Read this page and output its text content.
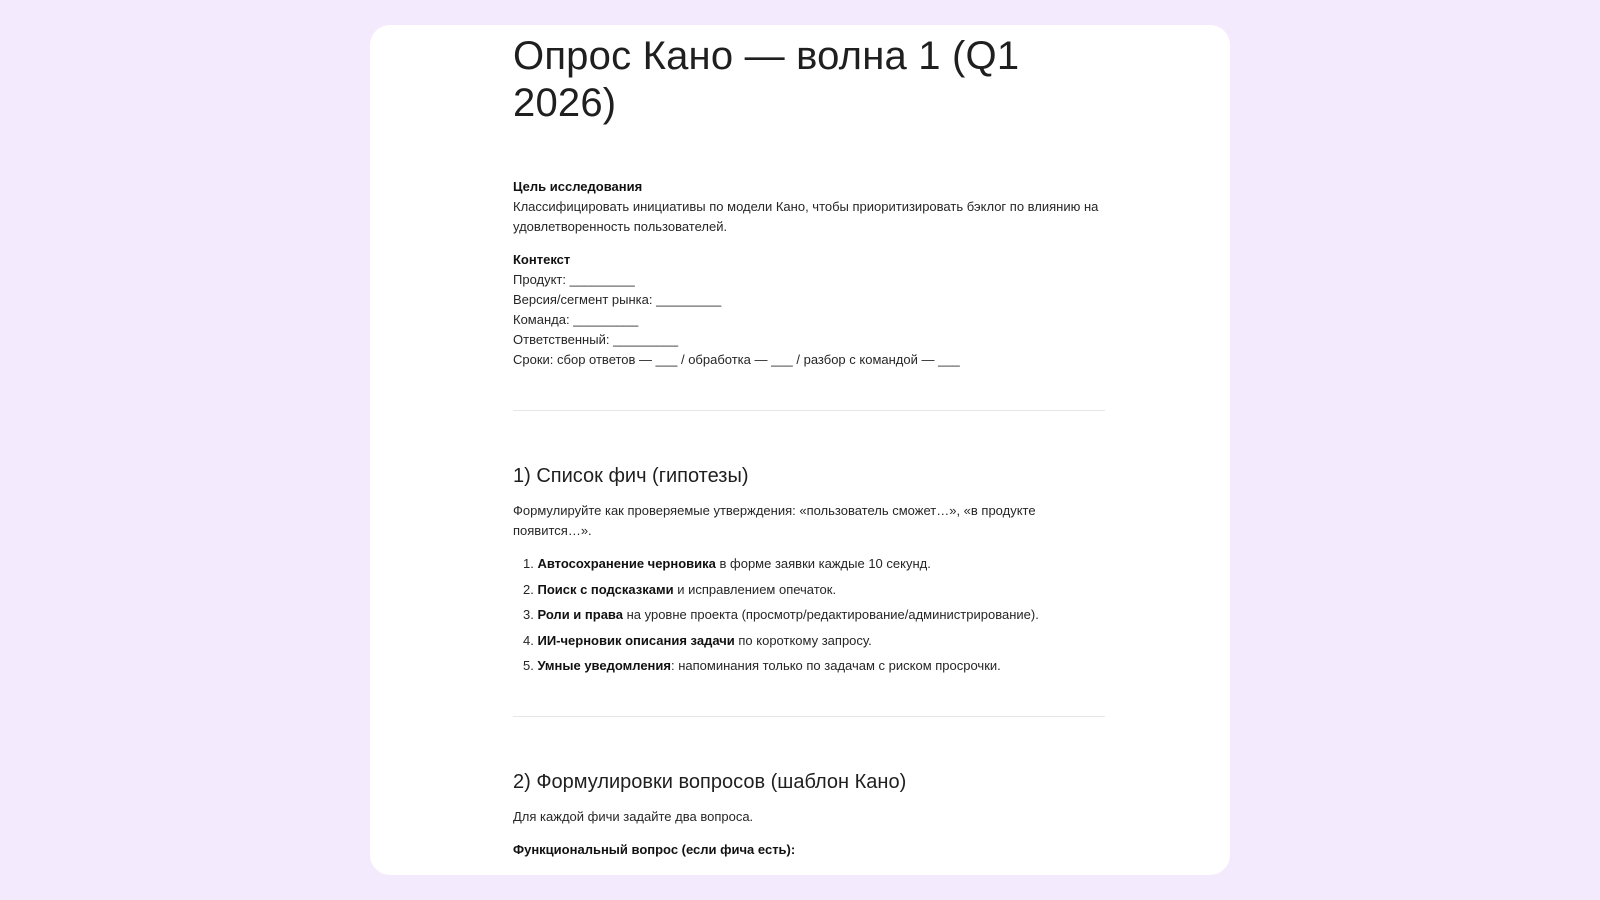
Опрос Кано — волна 1 (Q1 2026)
Цель исследования
Классифицировать инициативы по модели Кано, чтобы приоритизировать бэклог по влиянию на удовлетворенность пользователей.
Контекст
Продукт: _________
Версия/сегмент рынка: _________
Команда: _________
Ответственный: _________
Сроки: сбор ответов — ___ / обработка — ___ / разбор с командой — ___
1) Список фич (гипотезы)

Формулируйте как проверяемые утверждения: «пользователь сможет…», «в продукте появится…».

1. Автосохранение черновика в форме заявки каждые 10 секунд.
2. Поиск с подсказками и исправлением опечаток.
3. Роли и права на уровне проекта (просмотр/редактирование/администрирование).
4. ИИ-черновик описания задачи по короткому запросу.
5. Умные уведомления: напоминания только по задачам с риском просрочки.
2) Формулировки вопросов (шаблон Кано)

Для каждой фичи задайте два вопроса.

Функциональный вопрос (если фича есть):
